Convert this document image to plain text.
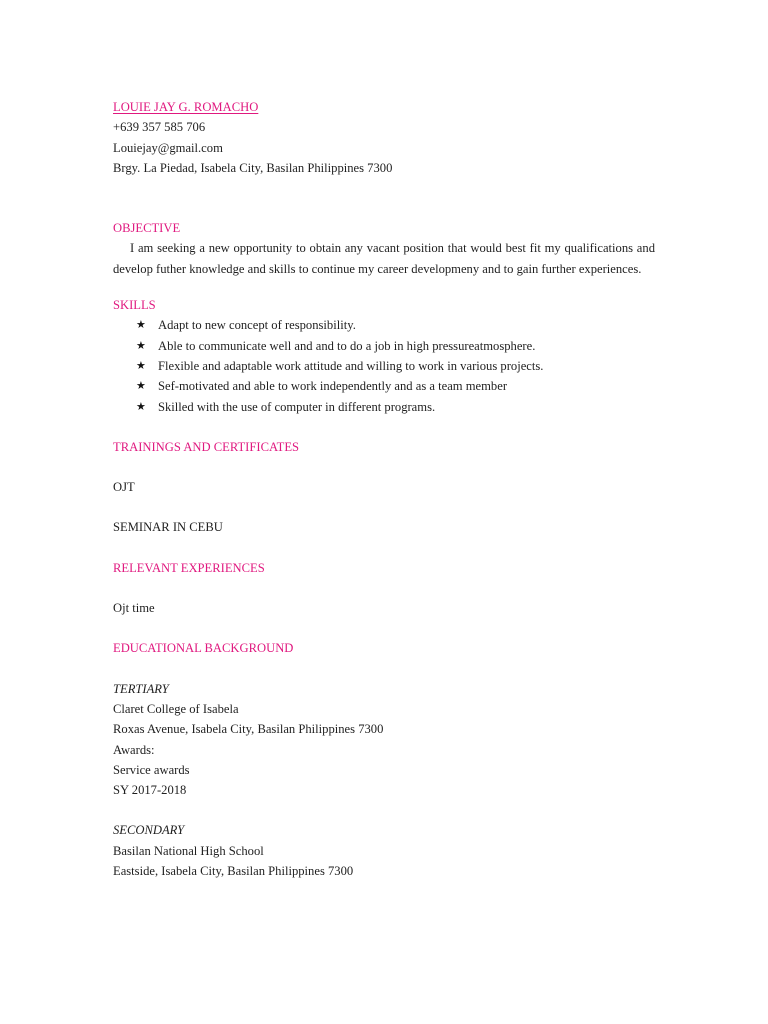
LOUIE JAY G. ROMACHO
+639 357 585 706
Louiejay@gmail.com
Brgy. La Piedad, Isabela City, Basilan Philippines 7300
OBJECTIVE
I am seeking a new opportunity to obtain any vacant position that would best fit my qualifications and develop futher knowledge and skills to continue my career developmeny and to gain further experiences.
SKILLS
★ Adapt to new concept of responsibility.
★ Able to communicate well and and to do a job in high pressureatmosphere.
★ Flexible and adaptable work attitude and willing to work in various projects.
★ Sef-motivated and able to work independently and as a team member
★ Skilled with the use of computer in different programs.
TRAININGS AND CERTIFICATES
OJT
SEMINAR IN CEBU
RELEVANT EXPERIENCES
Ojt time
EDUCATIONAL BACKGROUND
TERTIARY
Claret College of Isabela
Roxas Avenue, Isabela City, Basilan Philippines 7300
Awards:
Service awards
SY 2017-2018
SECONDARY
Basilan National High School
Eastside, Isabela City, Basilan Philippines 7300
